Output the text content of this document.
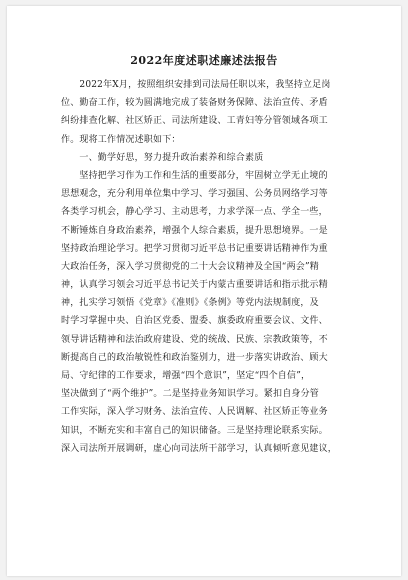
2022年度述职述廉述法报告
　　2022年X月，按照组织安排到司法局任职以来，我坚持立足岗
位、勤奋工作，较为圆满地完成了装备财务保障、法治宣传、矛盾
纠纷排查化解、社区矫正、司法所建设、工青妇等分管领域各项工
作。现将工作情况述职如下：
　　一、勤学好思，努力提升政治素养和综合素质
　　坚持把学习作为工作和生活的重要部分，牢固树立学无止境的
思想观念，充分利用单位集中学习、学习强国、公务员网络学习等
各类学习机会，静心学习、主动思考，力求学深一点、学全一些，
不断锤炼自身政治素养，增强个人综合素质，提升思想境界。一是
坚持政治理论学习。把学习贯彻习近平总书记重要讲话精神作为重
大政治任务，深入学习贯彻党的二十大会议精神及全国“两会”精
神，认真学习领会习近平总书记关于内蒙古重要讲话和指示批示精
神，扎实学习领悟《党章》《准则》《条例》等党内法规制度，及
时学习掌握中央、自治区党委、盟委、旗委政府重要会议、文件、
领导讲话精神和法治政府建设、党的统战、民族、宗教政策等，不
断提高自己的政治敏锐性和政治鉴别力，进一步落实讲政治、顾大
局、守纪律的工作要求，增强“四个意识”，坚定“四个自信”，
坚决做到了“两个维护”。二是坚持业务知识学习。紧扣自身分管
工作实际，深入学习财务、法治宣传、人民调解、社区矫正等业务
知识，不断充实和丰富自己的知识储备。三是坚持理论联系实际。
深入司法所开展调研，虚心向司法所干部学习，认真倾听意见建议，
